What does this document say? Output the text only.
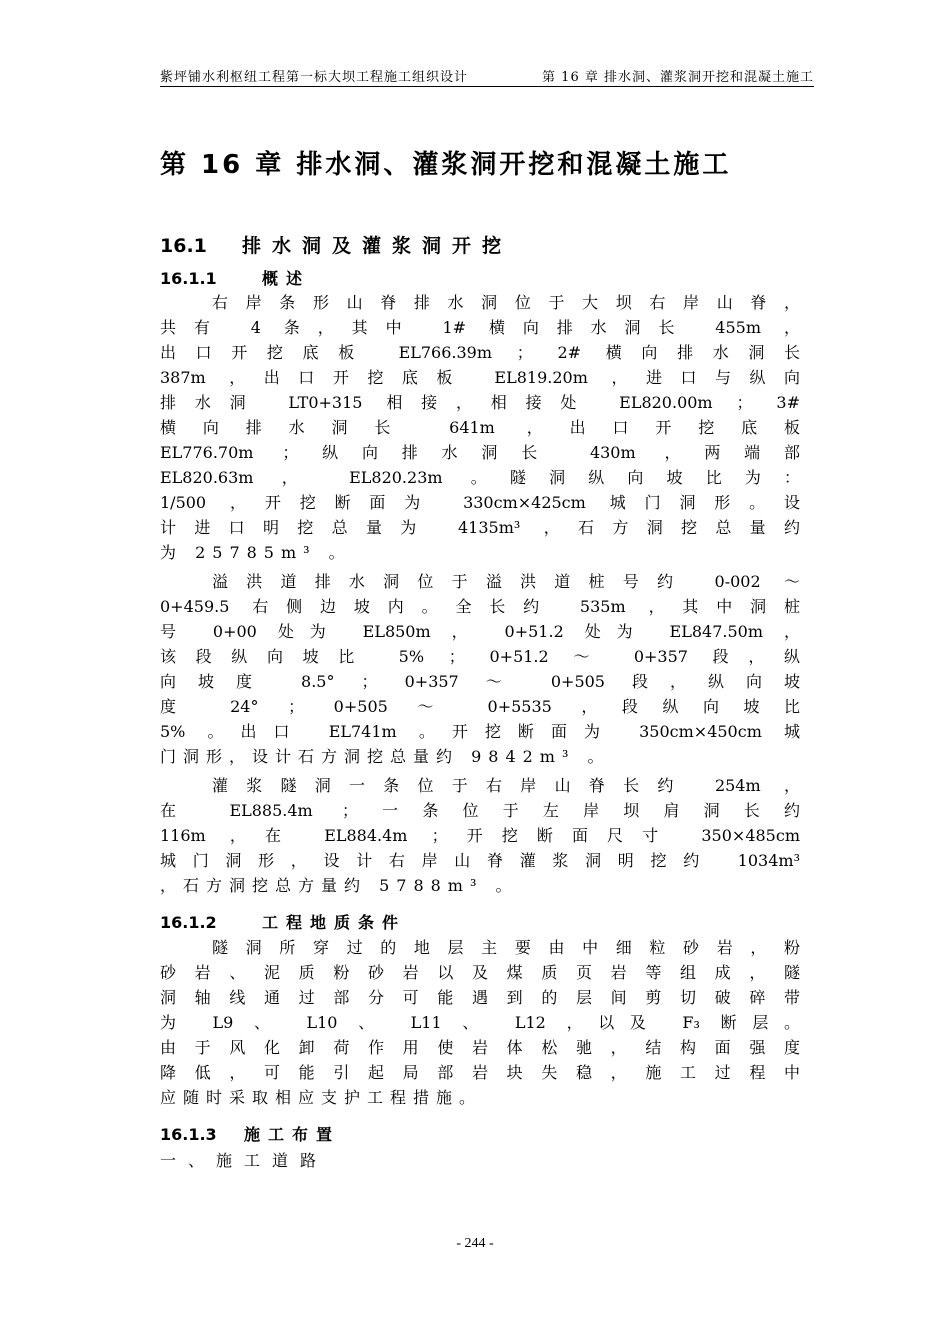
紫坪铺水利枢纽工程第一标大坝工程施工组织设计	第 16 章 排水洞、灌浆洞开挖和混凝土施工
第 16 章 排水洞、灌浆洞开挖和混凝土施工
16.1 排水洞及灌浆洞开挖
16.1.1	概述
右岸条形山脊排水洞位于大坝右岸山脊，
共有 4 条，其中 1# 横向排水洞长 455m ，
出口开挖底板 EL766.39m ； 2# 横向排水洞长
387m ，出口开挖底板 EL819.20m ，进口与纵向
排水洞 LT0+315 相接，相接处 EL820.00m ； 3#
横向排水洞长 641m ，出口开挖底板
EL776.70m ；纵向排水洞长 430m ，两端部
EL820.63m ， EL820.23m 。隧洞纵向坡比为：
1/500 ，开挖断面为 330cm×425cm 城门洞形。设
计进口明挖总量为 4135m³ ，石方洞挖总量约
为 25785m³ 。
溢洪道排水洞位于溢洪道桩号约 0-002 ～
0+459.5 右侧边坡内。全长约 535m ，其中洞桩
号 0+00 处为 EL850m ， 0+51.2 处为 EL847.50m ，
该段纵向坡比 5% ； 0+51.2 ～ 0+357 段，纵
向坡度 8.5° ； 0+357 ～ 0+505 段，纵向坡
度 24° ； 0+505 ～ 0+5535 ，段纵向坡比
5% 。出口 EL741m 。开挖断面为 350cm×450cm 城
门洞形，设计石方洞挖总量约 9842m³ 。
灌浆隧洞一条位于右岸山脊长约 254m ，
在 EL885.4m ；一条位于左岸坝肩洞长约
116m ，在 EL884.4m ；开挖断面尺寸 350×485cm
城门洞形，设计右岸山脊灌浆洞明挖约 1034m³
，石方洞挖总方量约 5788m³ 。
16.1.2	工程地质条件
隧洞所穿过的地层主要由中细粒砂岩，粉
砂岩、泥质粉砂岩以及煤质页岩等组成，隧
洞轴线通过部分可能遇到的层间剪切破碎带
为 L9 、 L10 、 L11 、 L12 ，以及 F₃ 断层。
由于风化卸荷作用使岩体松驰，结构面强度
降低，可能引起局部岩块失稳，施工过程中
应随时采取相应支护工程措施。
16.1.3 施工布置
一、施工道路
- 244 -
